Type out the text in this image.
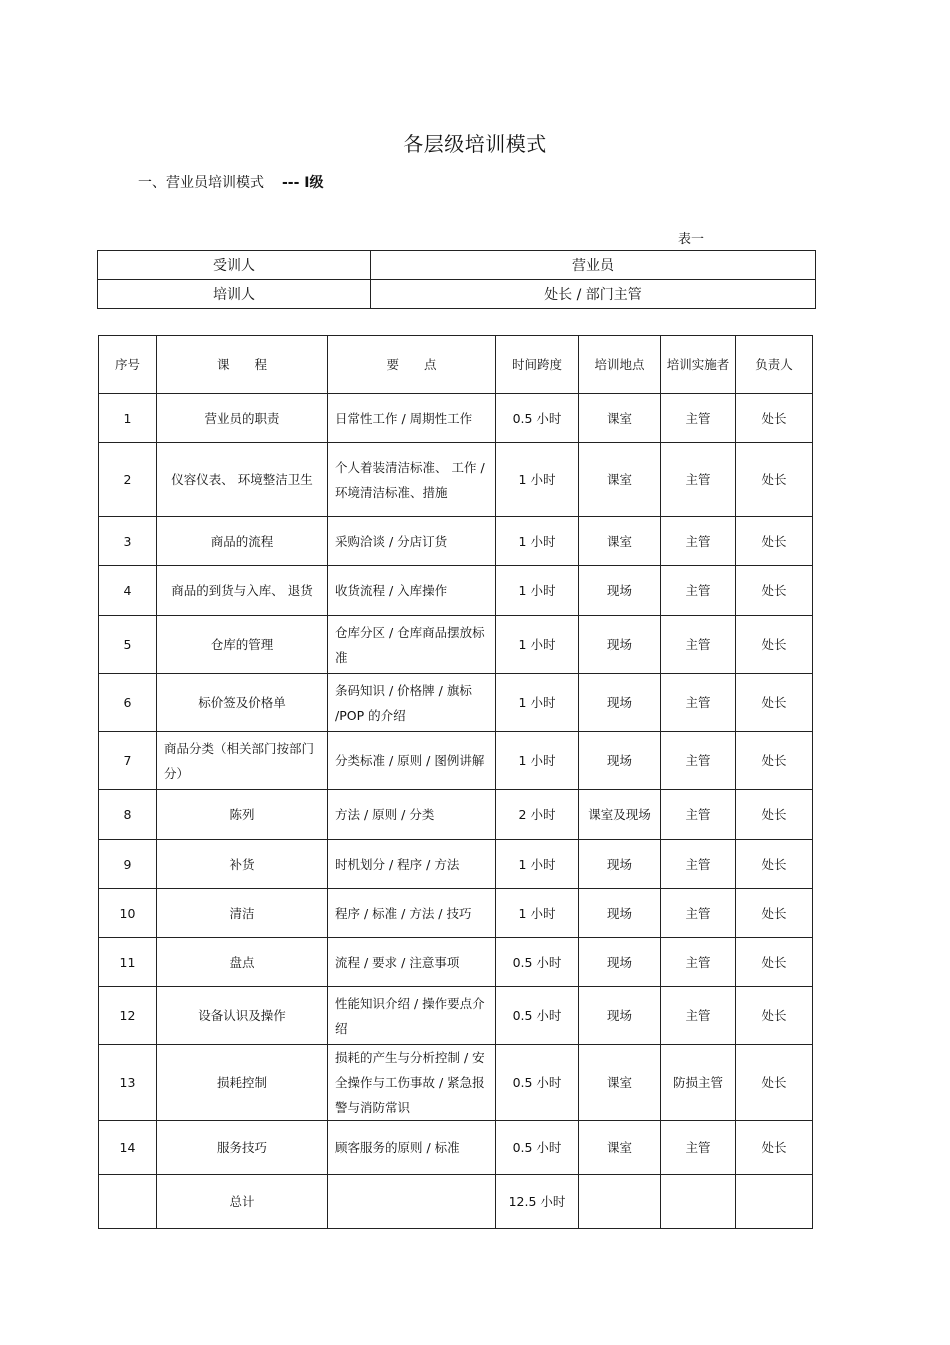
各层级培训模式
一、营业员培训模式 --- Ⅰ级
表一
受训人	营业员
培训人	处长 / 部门主管
序号	课　　程	要　　点	时间跨度	培训地点	培训实施者	负责人
1	营业员的职责	日常性工作 / 周期性工作	0.5 小时	课室	主管	处长
2	仪容仪表、 环境整洁卫生	个人着装清洁标准、 工作 / 环境清洁标准、措施	1 小时	课室	主管	处长
3	商品的流程	采购洽谈 / 分店订货	1 小时	课室	主管	处长
4	商品的到货与入库、 退货	收货流程 / 入库操作	1 小时	现场	主管	处长
5	仓库的管理	仓库分区 / 仓库商品摆放标准	1 小时	现场	主管	处长
6	标价签及价格单	条码知识 / 价格牌 / 旗标 /POP 的介绍	1 小时	现场	主管	处长
7	商品分类（相关部门按部门分）	分类标准 / 原则 / 图例讲解	1 小时	现场	主管	处长
8	陈列	方法 / 原则 / 分类	2 小时	课室及现场	主管	处长
9	补货	时机划分 / 程序 / 方法	1 小时	现场	主管	处长
10	清洁	程序 / 标准 / 方法 / 技巧	1 小时	现场	主管	处长
11	盘点	流程 / 要求 / 注意事项	0.5 小时	现场	主管	处长
12	设备认识及操作	性能知识介绍 / 操作要点介绍	0.5 小时	现场	主管	处长
13	损耗控制	损耗的产生与分析控制 / 安全操作与工伤事故 / 紧急报警与消防常识	0.5 小时	课室	防损主管	处长
14	服务技巧	顾客服务的原则 / 标准	0.5 小时	课室	主管	处长
	总计		12.5 小时			
